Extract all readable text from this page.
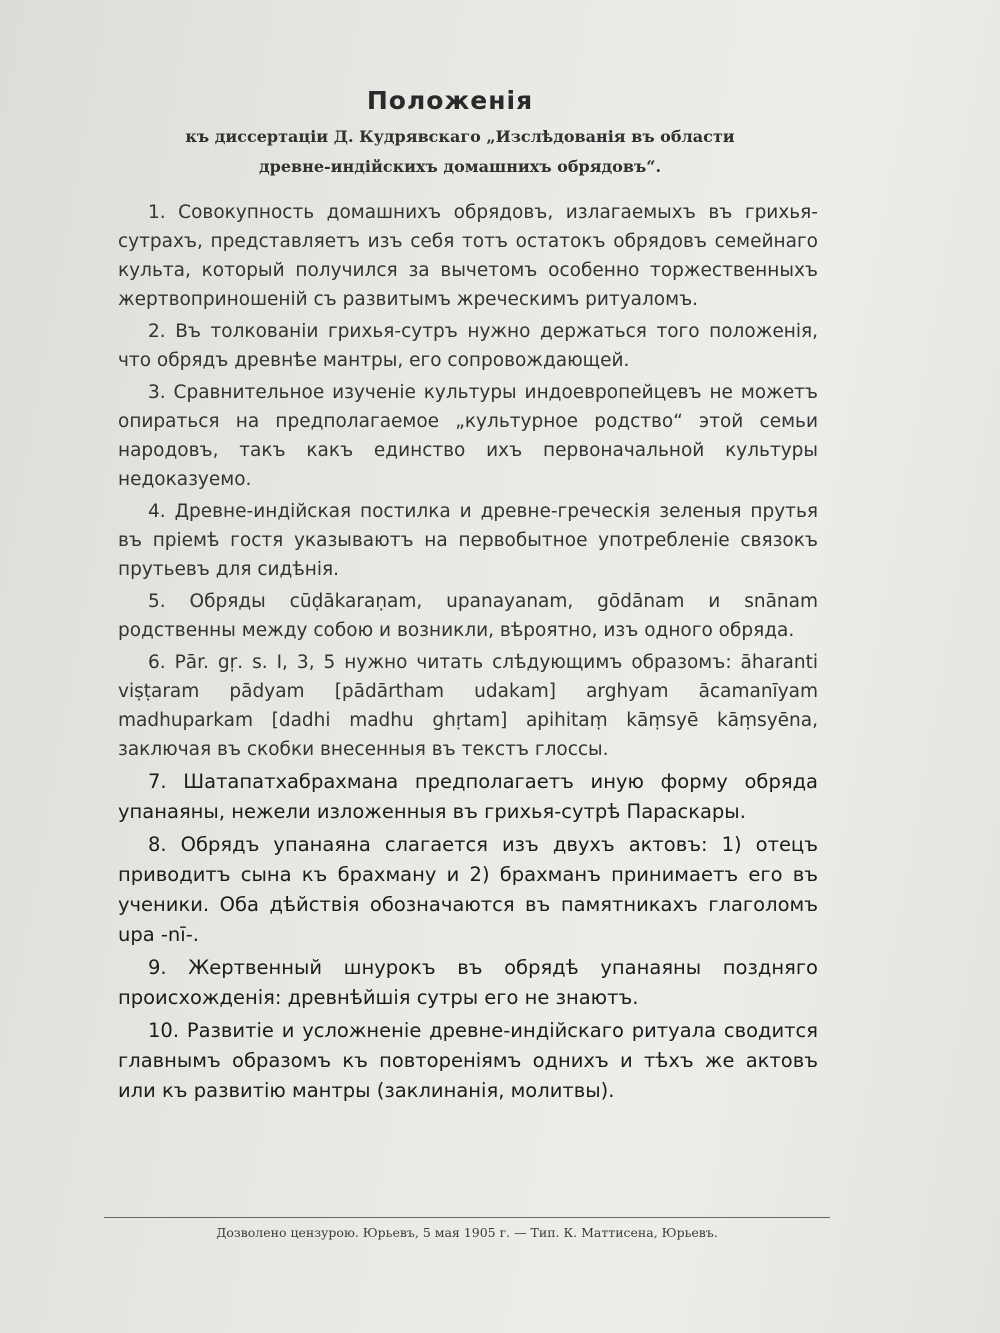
Положенія
къ диссертаціи Д. Кудрявскаго „Изслѣдованія въ области
древне-индійскихъ домашнихъ обрядовъ“.

1. Совокупность домашнихъ обрядовъ, излагаемыхъ въ грихья-сутрахъ, представляетъ изъ себя тотъ остатокъ обрядовъ семейнаго культа, который получился за вычетомъ особенно торжественныхъ жертвоприношеній съ развитымъ жреческимъ ритуаломъ.

2. Въ толкованіи грихья-сутръ нужно держаться того положенія, что обрядъ древнѣе мантры, его сопровождающей.

3. Сравнительное изученіе культуры индоевропейцевъ не можетъ опираться на предполагаемое „культурное родство“ этой семьи народовъ, такъ какъ единство ихъ первоначальной культуры недоказуемо.

4. Древне-индійская постилка и древне-греческія зеленыя прутья въ пріемѣ гостя указываютъ на первобытное употребленіе связокъ прутьевъ для сидѣнія.

5. Обряды cūḍākaraṇam, upanayanam, gōdānam и snānam родственны между собою и возникли, вѣроятно, изъ одного обряда.

6. Pār. gṛ. s. I, 3, 5 нужно читать слѣдующимъ образомъ: āharanti viṣṭaram pādyam [pādārtham udakam] arghyam ācamanīyam madhuparkam [dadhi madhu ghṛtam] apihitaṃ kāṃsyē kāṃsyēna, заключая въ скобки внесенныя въ текстъ глоссы.

7. Шатапатхабрахмана предполагаетъ иную форму обряда упанаяны, нежели изложенныя въ грихья-сутрѣ Параскары.

8. Обрядъ упанаяна слагается изъ двухъ актовъ: 1) отецъ приводитъ сына къ брахману и 2) брахманъ принимаетъ его въ ученики. Оба дѣйствія обозначаются въ памятникахъ глаголомъ upa -nī-.

9. Жертвенный шнурокъ въ обрядѣ упанаяны поздняго происхожденія: древнѣйшія сутры его не знаютъ.

10. Развитіе и усложненіе древне-индійскаго ритуала сводится главнымъ образомъ къ повтореніямъ однихъ и тѣхъ же актовъ или къ развитію мантры (заклинанія, молитвы).

Дозволено цензурою. Юрьевъ, 5 мая 1905 г. — Тип. К. Маттисена, Юрьевъ.
